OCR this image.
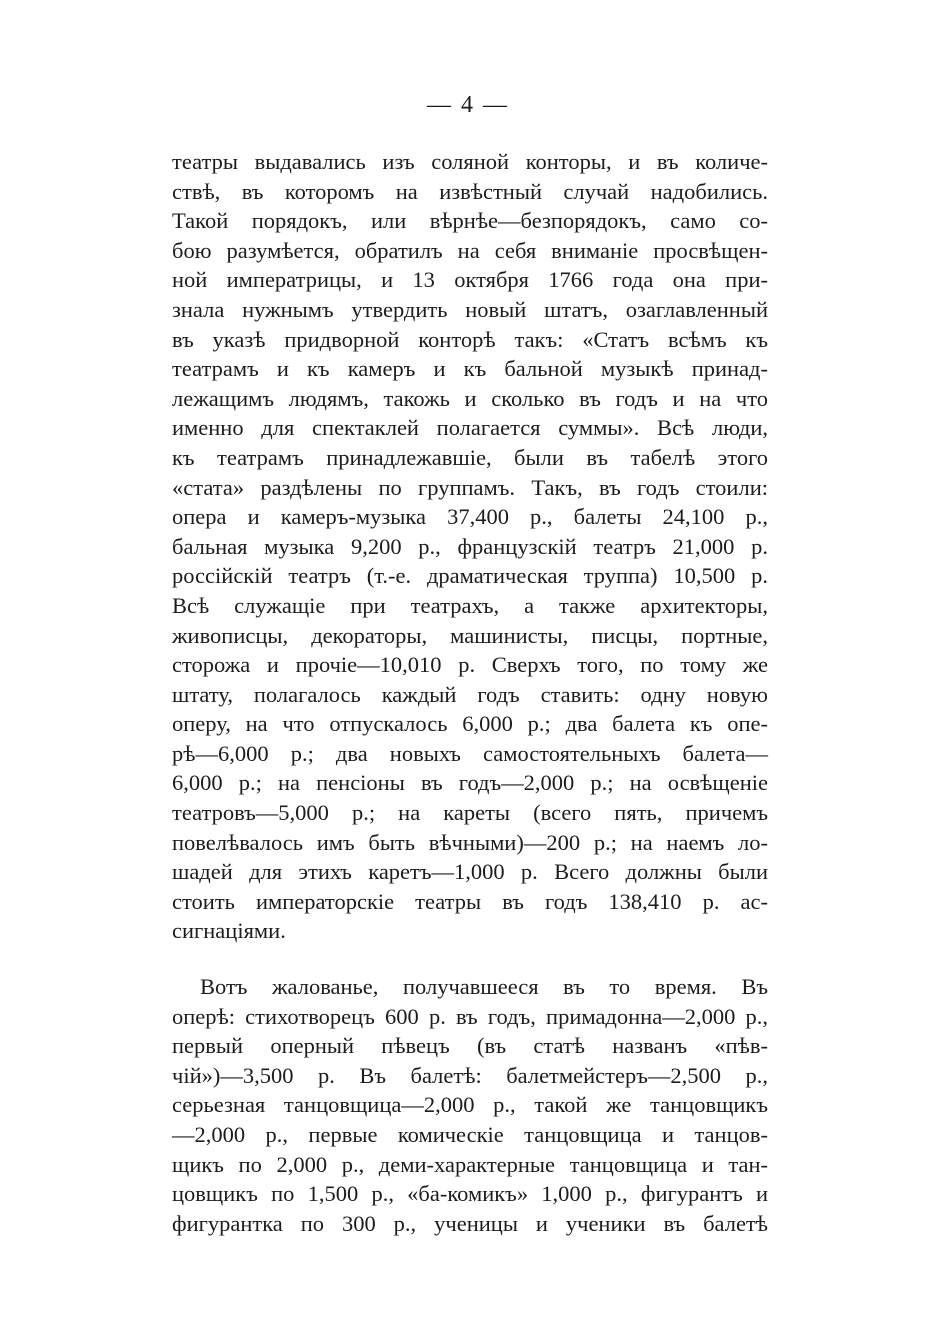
— 4 —
театры выдавались изъ соляной конторы, и въ количе-
ствѣ, въ которомъ на извѣстный случай надобились.
Такой порядокъ, или вѣрнѣе—безпорядокъ, само со-
бою разумѣется, обратилъ на себя вниманіе просвѣщен-
ной императрицы, и 13 октября 1766 года она при-
знала нужнымъ утвердить новый штатъ, озаглавленный
въ указѣ придворной конторѣ такъ: «Статъ всѣмъ къ
театрамъ и къ камеръ и къ бальной музыкѣ принад-
лежащимъ людямъ, такожь и сколько въ годъ и на что
именно для спектаклей полагается суммы». Всѣ люди,
къ театрамъ принадлежавшіе, были въ табелѣ этого
«стата» раздѣлены по группамъ. Такъ, въ годъ стоили:
опера и камеръ-музыка 37,400 р., балеты 24,100 р.,
бальная музыка 9,200 р., французскій театръ 21,000 р.
россійскій театръ (т.-е. драматическая труппа) 10,500 р.
Всѣ служащіе при театрахъ, а также архитекторы,
живописцы, декораторы, машинисты, писцы, портные,
сторожа и прочіе—10,010 р. Сверхъ того, по тому же
штату, полагалось каждый годъ ставить: одну новую
оперу, на что отпускалось 6,000 р.; два балета къ опе-
рѣ—6,000 р.; два новыхъ самостоятельныхъ балета—
6,000 р.; на пенсіоны въ годъ—2,000 р.; на освѣщеніе
театровъ—5,000 р.; на кареты (всего пять, причемъ
повелѣвалось имъ быть вѣчными)—200 р.; на наемъ ло-
шадей для этихъ каретъ—1,000 р. Всего должны были
стоить императорскіе театры въ годъ 138,410 р. ас-
сигнаціями.
Вотъ жалованье, получавшееся въ то время. Въ
оперѣ: стихотворецъ 600 р. въ годъ, примадонна—2,000 р.,
первый оперный пѣвецъ (въ статѣ названъ «пѣв-
чій»)—3,500 р. Въ балетѣ: балетмейстеръ—2,500 р.,
серьезная танцовщица—2,000 р., такой же танцовщикъ
—2,000 р., первые комическіе танцовщица и танцов-
щикъ по 2,000 р., деми-характерные танцовщица и тан-
цовщикъ по 1,500 р., «ба-комикъ» 1,000 р., фигурантъ и
фигурантка по 300 р., ученицы и ученики въ балетѣ
